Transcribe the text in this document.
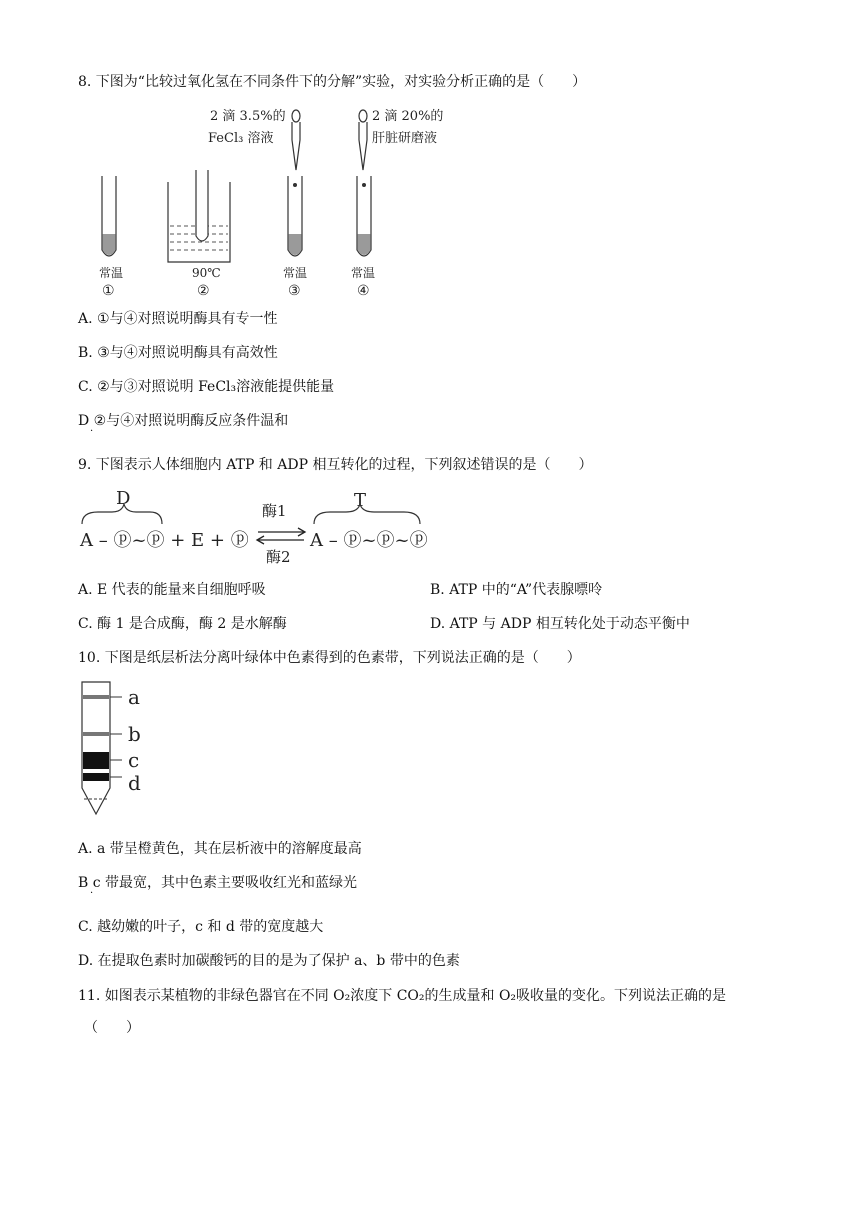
8. 下图为“比较过氧化氢在不同条件下的分解”实验，对实验分析正确的是（　　）
2 滴 3.5%的
FeCl₃ 溶液
2 滴 20%的
肝脏研磨液
常温
①
90℃
②
常温
③
常温
④
A. ①与④对照说明酶具有专一性
B. ③与④对照说明酶具有高效性
C. ②与③对照说明 FeCl₃溶液能提供能量
D ②与④对照说明酶反应条件温和
·
9. 下图表示人体细胞内 ATP 和 ADP 相互转化的过程，下列叙述错误的是（　　）
D	T
A – ⓟ~ⓟ + E + ⓟ
酶1
酶2
A – ⓟ~ⓟ~ⓟ
A. E 代表的能量来自细胞呼吸	B. ATP 中的“A”代表腺嘌呤
C. 酶 1 是合成酶，酶 2 是水解酶	D. ATP 与 ADP 相互转化处于动态平衡中
10. 下图是纸层析法分离叶绿体中色素得到的色素带，下列说法正确的是（　　）
a
b
c
d
A. a 带呈橙黄色，其在层析液中的溶解度最高
B c 带最宽，其中色素主要吸收红光和蓝绿光
·
C. 越幼嫩的叶子，c 和 d 带的宽度越大
D. 在提取色素时加碳酸钙的目的是为了保护 a、b 带中的色素
11. 如图表示某植物的非绿色器官在不同 O₂浓度下 CO₂的生成量和 O₂吸收量的变化。下列说法正确的是
（　　）
